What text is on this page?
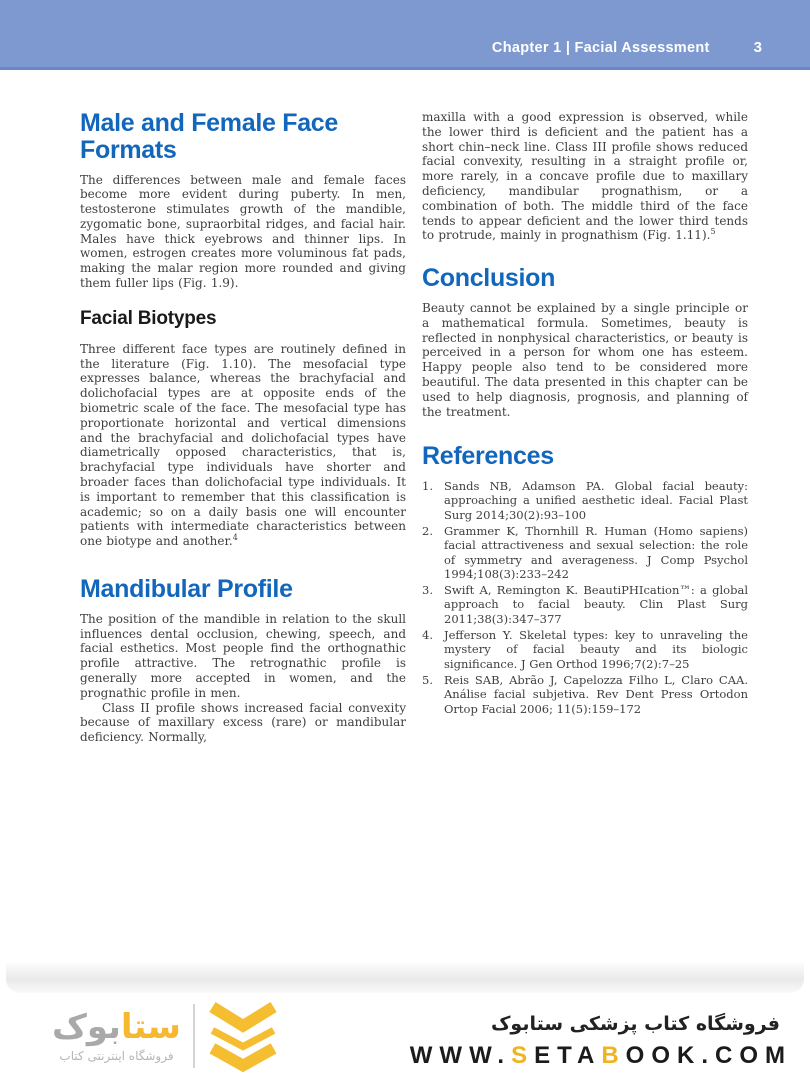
Chapter 1 | Facial Assessment	3
Male and Female Face Formats

The differences between male and female faces become more evident during puberty. In men, testosterone stimulates growth of the mandible, zygomatic bone, supraorbital ridges, and facial hair. Males have thick eyebrows and thinner lips. In women, estrogen creates more voluminous fat pads, making the malar region more rounded and giving them fuller lips (Fig. 1.9).

Facial Biotypes

Three different face types are routinely defined in the literature (Fig. 1.10). The mesofacial type expresses balance, whereas the brachyfacial and dolichofacial types are at opposite ends of the biometric scale of the face. The mesofacial type has proportionate horizontal and vertical dimensions and the brachyfacial and dolichofacial types have diametrically opposed characteristics, that is, brachyfacial type individuals have shorter and broader faces than dolichofacial type individuals. It is important to remember that this classification is academic; so on a daily basis one will encounter patients with intermediate characteristics between one biotype and another.$^4$

Mandibular Profile

The position of the mandible in relation to the skull influences dental occlusion, chewing, speech, and facial esthetics. Most people find the orthognathic profile attractive. The retrognathic profile is generally more accepted in women, and the prognathic profile in men.

Class II profile shows increased facial convexity because of maxillary excess (rare) or mandibular deficiency. Normally,

maxilla with a good expression is observed, while the lower third is deficient and the patient has a short chin–neck line. Class III profile shows reduced facial convexity, resulting in a straight profile or, more rarely, in a concave profile due to maxillary deficiency, mandibular prognathism, or a combination of both. The middle third of the face tends to appear deficient and the lower third tends to protrude, mainly in prognathism (Fig. 1.11).$^5$

Conclusion

Beauty cannot be explained by a single principle or a mathematical formula. Sometimes, beauty is reflected in nonphysical characteristics, or beauty is perceived in a person for whom one has esteem. Happy people also tend to be considered more beautiful. The data presented in this chapter can be used to help diagnosis, prognosis, and planning of the treatment.

References
1. Sands NB, Adamson PA. Global facial beauty: approaching a unified aesthetic ideal. Facial Plast Surg 2014;30(2):93–100
2. Grammer K, Thornhill R. Human (Homo sapiens) facial attractiveness and sexual selection: the role of symmetry and averageness. J Comp Psychol 1994;108(3):233–242
3. Swift A, Remington K. BeautiPHIcation™: a global approach to facial beauty. Clin Plast Surg 2011;38(3):347–377
4. Jefferson Y. Skeletal types: key to unraveling the mystery of facial beauty and its biologic significance. J Gen Orthod 1996;7(2):7–25
5. Reis SAB, Abrão J, Capelozza Filho L, Claro CAA. Análise facial subjetiva. Rev Dent Press Ortodon Ortop Facial 2006; 11(5):159–172
ستابوک
فروشگاه اینترنتی کتاب
فروشگاه کتاب پزشکی ستابوک
WWW.SETABOOK.COM
